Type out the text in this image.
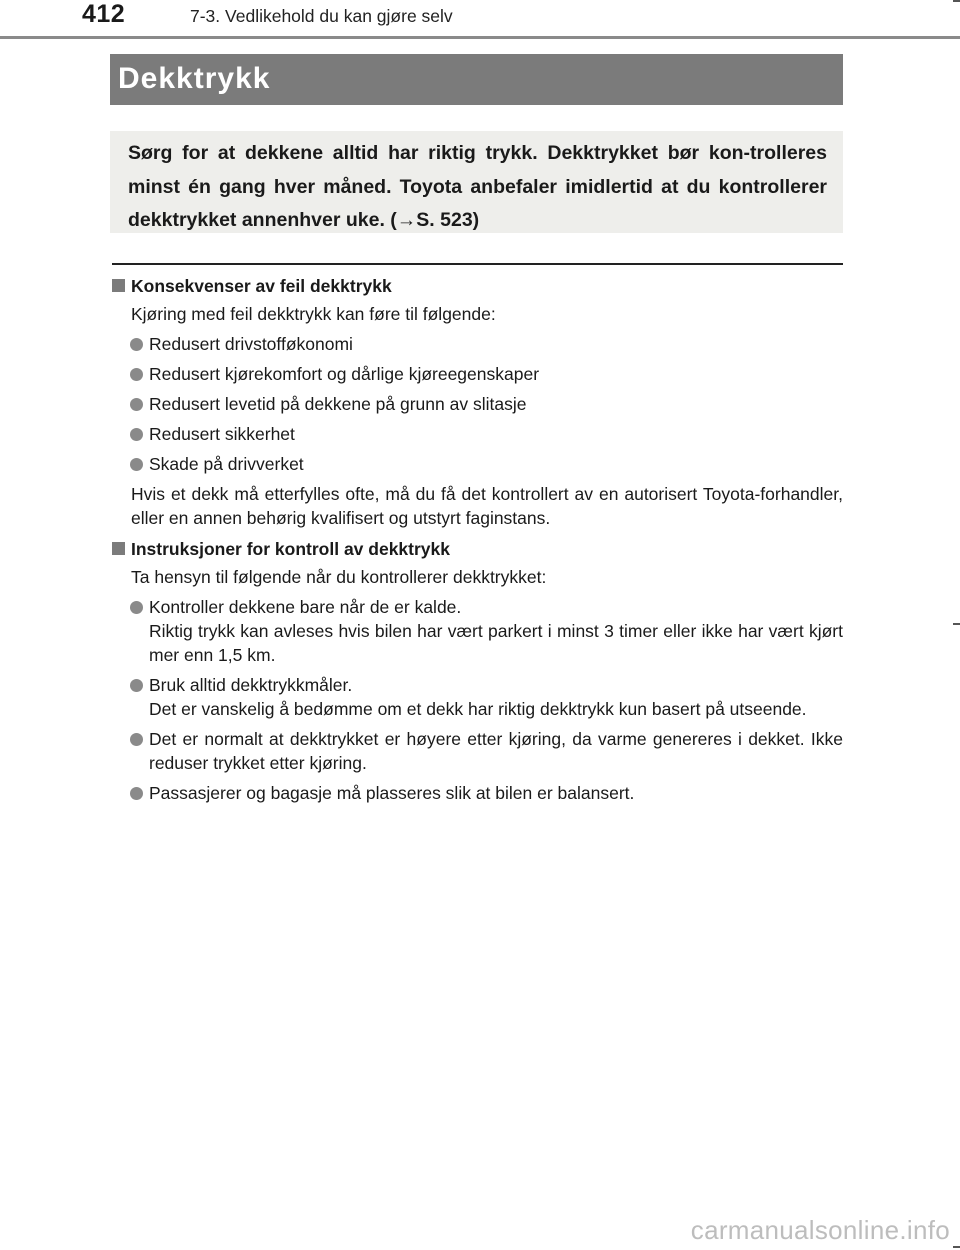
412	7-3. Vedlikehold du kan gjøre selv
Dekktrykk

Sørg for at dekkene alltid har riktig trykk. Dekktrykket bør kon-trolleres minst én gang hver måned. Toyota anbefaler imidlertid at du kontrollerer dekktrykket annenhver uke. (→S. 523)

Konsekvenser av feil dekktrykk

Kjøring med feil dekktrykk kan føre til følgende:

Redusert drivstofføkonomi

Redusert kjørekomfort og dårlige kjøreegenskaper

Redusert levetid på dekkene på grunn av slitasje

Redusert sikkerhet

Skade på drivverket

Hvis et dekk må etterfylles ofte, må du få det kontrollert av en autorisert Toyota-forhandler, eller en annen behørig kvalifisert og utstyrt faginstans.

Instruksjoner for kontroll av dekktrykk

Ta hensyn til følgende når du kontrollerer dekktrykket:

Kontroller dekkene bare når de er kalde.

Riktig trykk kan avleses hvis bilen har vært parkert i minst 3 timer eller ikke har vært kjørt mer enn 1,5 km.

Bruk alltid dekktrykkmåler.

Det er vanskelig å bedømme om et dekk har riktig dekktrykk kun basert på utseende.

Det er normalt at dekktrykket er høyere etter kjøring, da varme genereres i dekket. Ikke reduser trykket etter kjøring.

Passasjerer og bagasje må plasseres slik at bilen er balansert.

carmanualsonline.info
